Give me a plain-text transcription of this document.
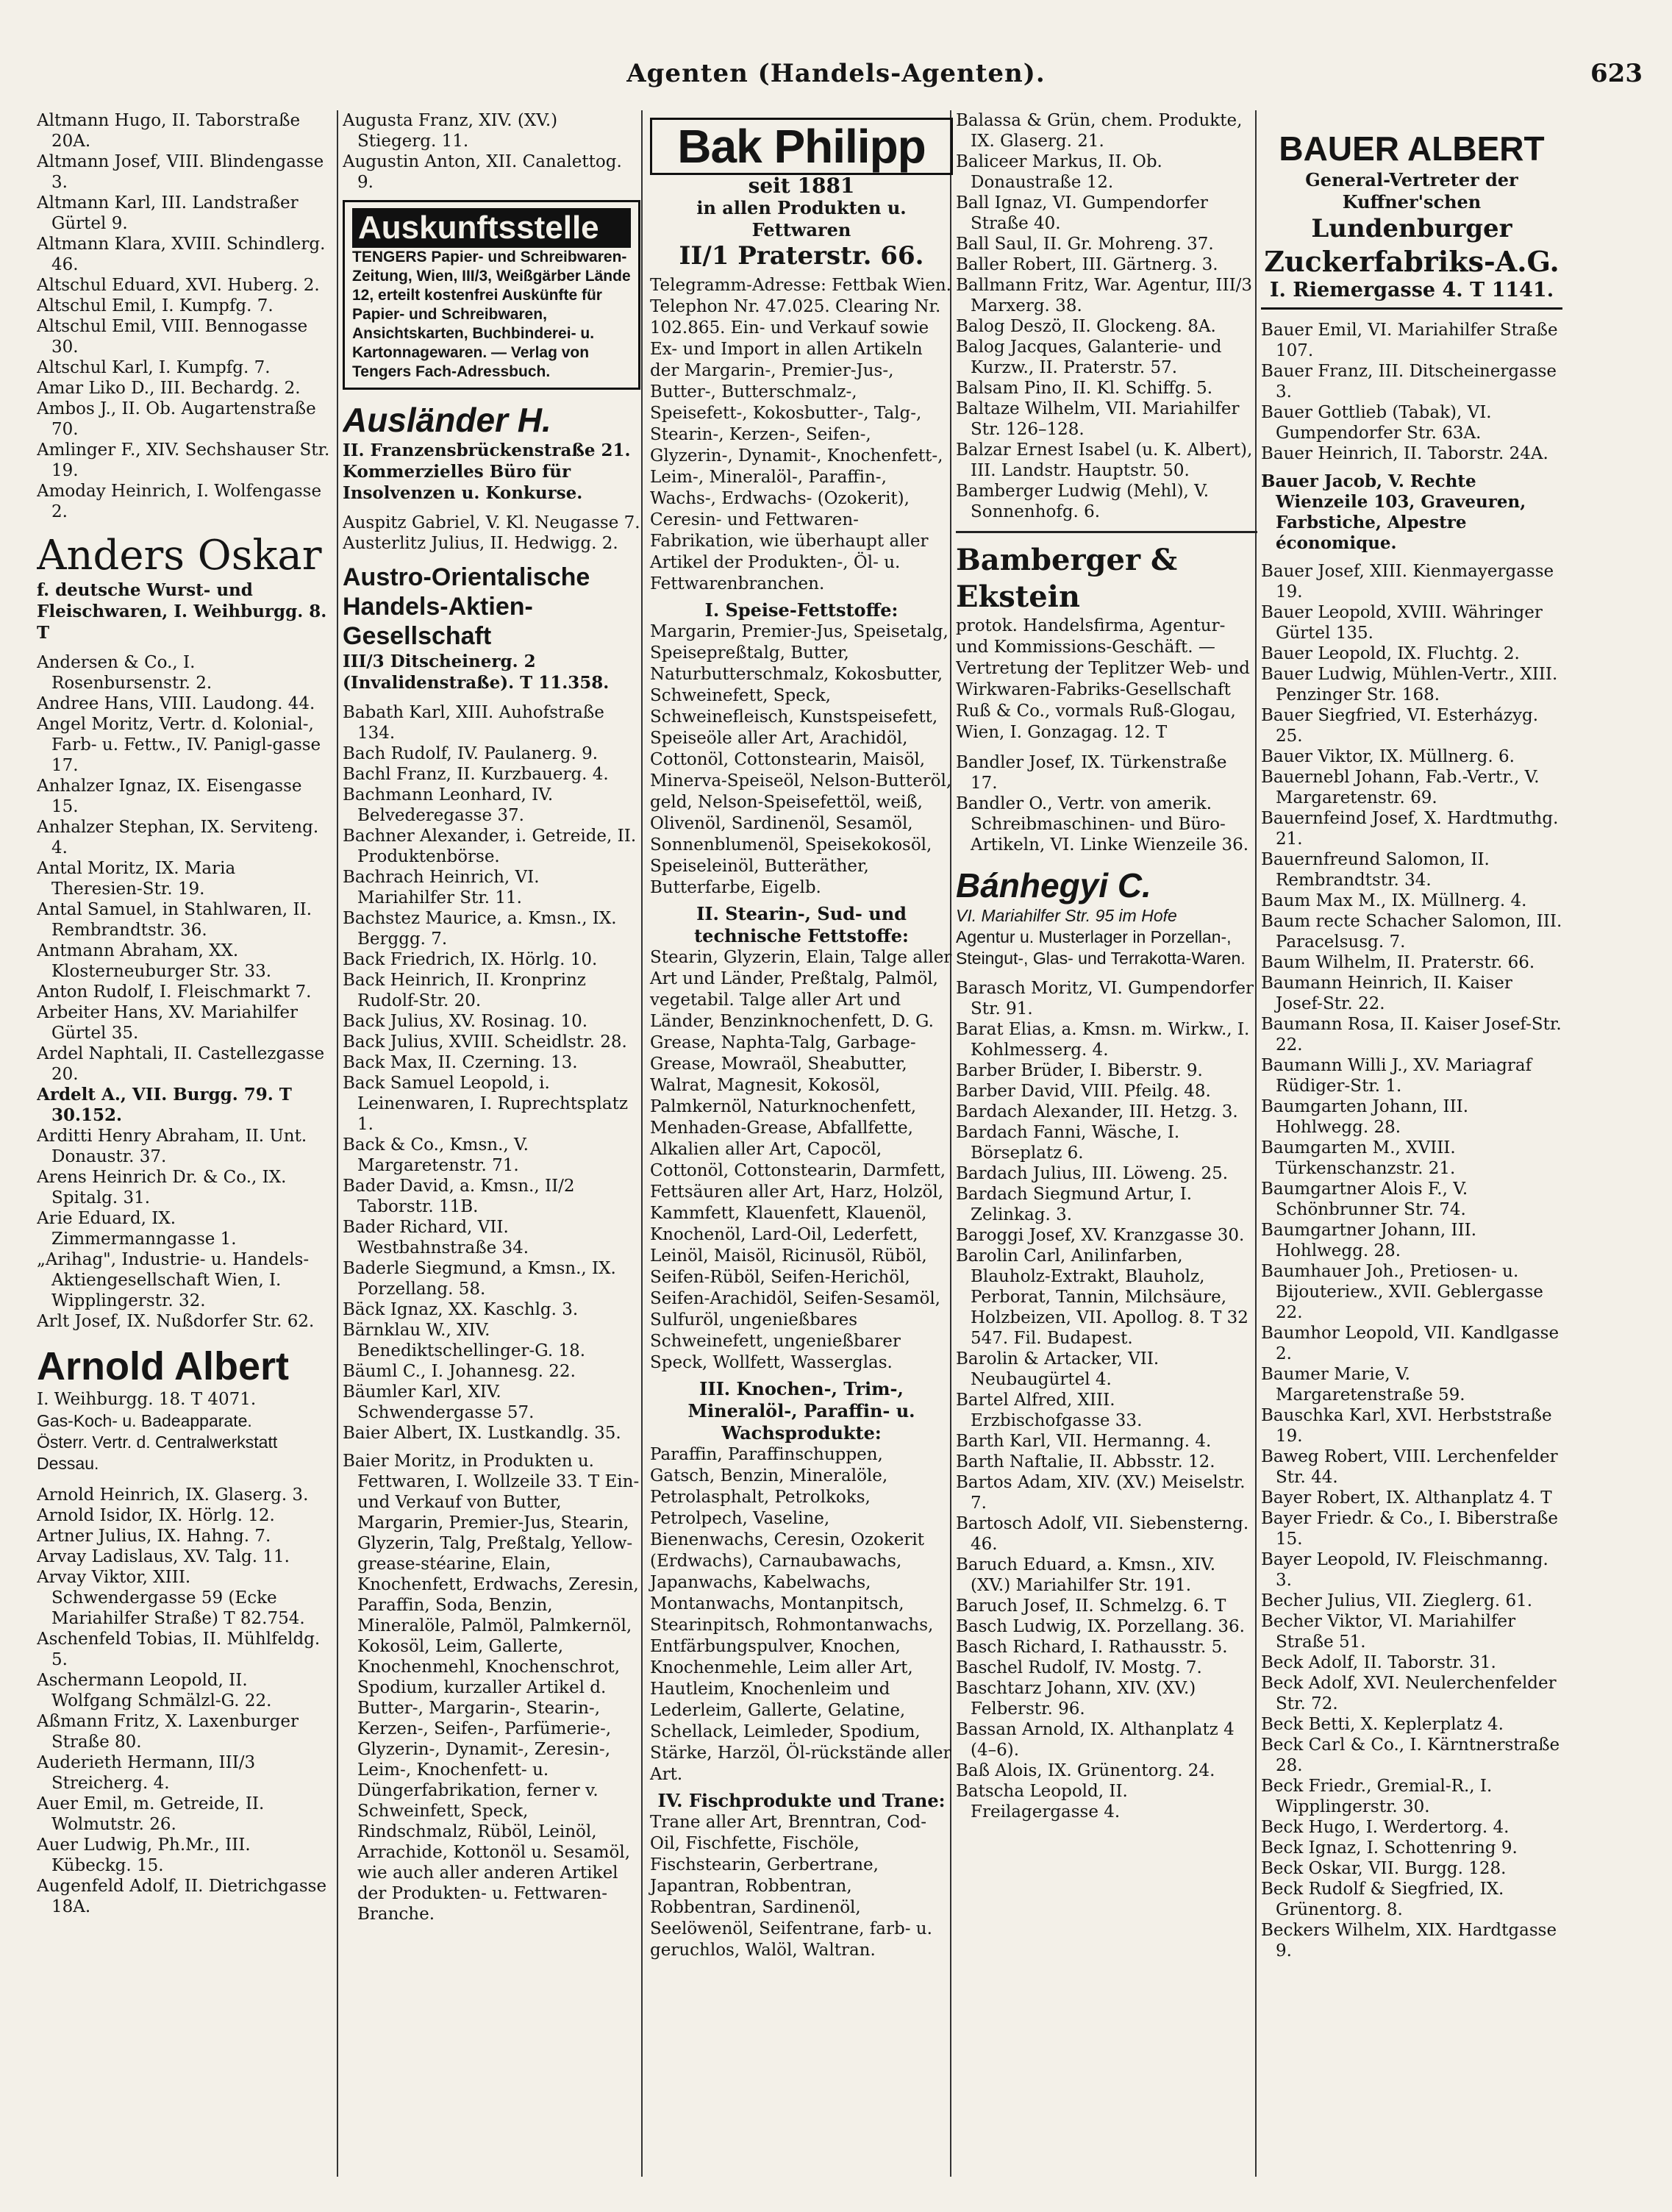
Agenten (Handels-Agenten).	623
Altmann Hugo, II. Taborstraße 20A.
Altmann Josef, VIII. Blindengasse 3.
Altmann Karl, III. Landstraßer Gürtel 9.
Altmann Klara, XVIII. Schindlerg. 46.
Altschul Eduard, XVI. Huberg. 2.
Altschul Emil, I. Kumpfg. 7.
Altschul Emil, VIII. Bennogasse 30.
Altschul Karl, I. Kumpfg. 7.
Amar Liko D., III. Bechardg. 2.
Ambos J., II. Ob. Augartenstraße 70.
Amlinger F., XIV. Sechshauser Str. 19.
Amoday Heinrich, I. Wolfengasse 2.
Anders Oskar
f. deutsche Wurst- und Fleischwaren, I. Weihburgg. 8. T
Andersen & Co., I. Rosenbursenstr. 2.
Andree Hans, VIII. Laudong. 44.
Angel Moritz, Vertr. d. Kolonial-, Farb- u. Fettw., IV. Panigl-gasse 17.
Anhalzer Ignaz, IX. Eisengasse 15.
Anhalzer Stephan, IX. Serviteng. 4.
Antal Moritz, IX. Maria Theresien-Str. 19.
Antal Samuel, in Stahlwaren, II. Rembrandtstr. 36.
Antmann Abraham, XX. Klosterneuburger Str. 33.
Anton Rudolf, I. Fleischmarkt 7.
Arbeiter Hans, XV. Mariahilfer Gürtel 35.
Ardel Naphtali, II. Castellezgasse 20.
Ardelt A., VII. Burgg. 79. T 30.152.
Arditti Henry Abraham, II. Unt. Donaustr. 37.
Arens Heinrich Dr. & Co., IX. Spitalg. 31.
Arie Eduard, IX. Zimmermanngasse 1.
„Arihag", Industrie- u. Handels-Aktiengesellschaft Wien, I. Wipplingerstr. 32.
Arlt Josef, IX. Nußdorfer Str. 62.
Arnold Albert
I. Weihburgg. 18. T 4071.
Gas-Koch- u. Badeapparate.
Österr. Vertr. d. Centralwerkstatt Dessau.
Arnold Heinrich, IX. Glaserg. 3.
Arnold Isidor, IX. Hörlg. 12.
Artner Julius, IX. Hahng. 7.
Arvay Ladislaus, XV. Talg. 11.
Arvay Viktor, XIII. Schwendergasse 59 (Ecke Mariahilfer Straße) T 82.754.
Aschenfeld Tobias, II. Mühlfeldg. 5.
Aschermann Leopold, II. Wolfgang Schmälzl-G. 22.
Aßmann Fritz, X. Laxenburger Straße 80.
Auderieth Hermann, III/3 Streicherg. 4.
Auer Emil, m. Getreide, II. Wolmutstr. 26.
Auer Ludwig, Ph.Mr., III. Kübeckg. 15.
Augenfeld Adolf, II. Dietrichgasse 18A.
Augusta Franz, XIV. (XV.) Stiegerg. 11.
Augustin Anton, XII. Canalettog. 9.
Auskunftsstelle
TENGERS Papier- und Schreibwaren-Zeitung, Wien, III/3, Weißgärber Lände 12, erteilt kostenfrei Auskünfte für Papier- und Schreibwaren, Ansichtskarten, Buchbinderei- u. Kartonnagewaren. — Verlag von Tengers Fach-Adressbuch.
Ausländer H.
II. Franzensbrückenstraße 21. Kommerzielles Büro für Insolvenzen u. Konkurse.
Auspitz Gabriel, V. Kl. Neugasse 7.
Austerlitz Julius, II. Hedwigg. 2.
Austro-Orientalische Handels-Aktien-Gesellschaft
III/3 Ditscheinerg. 2 (Invalidenstraße). T 11.358.
Babath Karl, XIII. Auhofstraße 134.
Bach Rudolf, IV. Paulanerg. 9.
Bachl Franz, II. Kurzbauerg. 4.
Bachmann Leonhard, IV. Belvederegasse 37.
Bachner Alexander, i. Getreide, II. Produktenbörse.
Bachrach Heinrich, VI. Mariahilfer Str. 11.
Bachstez Maurice, a. Kmsn., IX. Berggg. 7.
Back Friedrich, IX. Hörlg. 10.
Back Heinrich, II. Kronprinz Rudolf-Str. 20.
Back Julius, XV. Rosinag. 10.
Back Julius, XVIII. Scheidlstr. 28.
Back Max, II. Czerning. 13.
Back Samuel Leopold, i. Leinenwaren, I. Ruprechtsplatz 1.
Back & Co., Kmsn., V. Margaretenstr. 71.
Bader David, a. Kmsn., II/2 Taborstr. 11B.
Bader Richard, VII. Westbahnstraße 34.
Baderle Siegmund, a Kmsn., IX. Porzellang. 58.
Bäck Ignaz, XX. Kaschlg. 3.
Bärnklau W., XIV. Benediktschellinger-G. 18.
Bäuml C., I. Johannesg. 22.
Bäumler Karl, XIV. Schwendergasse 57.
Baier Albert, IX. Lustkandlg. 35.
Baier Moritz, in Produkten u. Fettwaren, I. Wollzeile 33. T Ein- und Verkauf von Butter, Margarin, Premier-Jus, Stearin, Glyzerin, Talg, Preßtalg, Yellow-grease-stéarine, Elain, Knochenfett, Erdwachs, Zeresin, Paraffin, Soda, Benzin, Mineralöle, Palmöl, Palmkernöl, Kokosöl, Leim, Gallerte, Knochenmehl, Knochenschrot, Spodium, kurzaller Artikel d. Butter-, Margarin-, Stearin-, Kerzen-, Seifen-, Parfümerie-, Glyzerin-, Dynamit-, Zeresin-, Leim-, Knochenfett- u. Düngerfabrikation, ferner v. Schweinfett, Speck, Rindschmalz, Rüböl, Leinöl, Arrachide, Kottonöl u. Sesamöl, wie auch aller anderen Artikel der Produkten- u. Fettwaren-Branche.
Bak Philipp
seit 1881
in allen Produkten u. Fettwaren
II/1 Praterstr. 66.
Telegramm-Adresse: Fettbak Wien. Telephon Nr. 47.025. Clearing Nr. 102.865. Ein- und Verkauf sowie Ex- und Import in allen Artikeln der Margarin-, Premier-Jus-, Butter-, Butterschmalz-, Speisefett-, Kokosbutter-, Talg-, Stearin-, Kerzen-, Seifen-, Glyzerin-, Dynamit-, Knochenfett-, Leim-, Mineralöl-, Paraffin-, Wachs-, Erdwachs- (Ozokerit), Ceresin- und Fettwaren-Fabrikation, wie überhaupt aller Artikel der Produkten-, Öl- u. Fettwarenbranchen.
I. Speise-Fettstoffe:
Margarin, Premier-Jus, Speisetalg, Speisepreßtalg, Butter, Naturbutterschmalz, Kokosbutter, Schweinefett, Speck, Schweinefleisch, Kunstspeisefett, Speiseöle aller Art, Arachidöl, Cottonöl, Cottonstearin, Maisöl, Minerva-Speiseöl, Nelson-Butteröl, geld, Nelson-Speisefettöl, weiß, Olivenöl, Sardinenöl, Sesamöl, Sonnenblumenöl, Speisekokosöl, Speiseleinöl, Butteräther, Butterfarbe, Eigelb.
II. Stearin-, Sud- und technische Fettstoffe:
Stearin, Glyzerin, Elain, Talge aller Art und Länder, Preßtalg, Palmöl, vegetabil. Talge aller Art und Länder, Benzinknochenfett, D. G. Grease, Naphta-Talg, Garbage-Grease, Mowraöl, Sheabutter, Walrat, Magnesit, Kokosöl, Palmkernöl, Naturknochenfett, Menhaden-Grease, Abfallfette, Alkalien aller Art, Capocöl, Cottonöl, Cottonstearin, Darmfett, Fettsäuren aller Art, Harz, Holzöl, Kammfett, Klauenfett, Klauenöl, Knochenöl, Lard-Oil, Lederfett, Leinöl, Maisöl, Ricinusöl, Rüböl, Seifen-Rüböl, Seifen-Herichöl, Seifen-Arachidöl, Seifen-Sesamöl, Sulfuröl, ungenießbares Schweinefett, ungenießbarer Speck, Wollfett, Wasserglas.
III. Knochen-, Trim-, Mineralöl-, Paraffin- u. Wachsprodukte:
Paraffin, Paraffinschuppen, Gatsch, Benzin, Mineralöle, Petrolasphalt, Petrolkoks, Petrolpech, Vaseline, Bienenwachs, Ceresin, Ozokerit (Erdwachs), Carnaubawachs, Japanwachs, Kabelwachs, Montanwachs, Montanpitsch, Stearinpitsch, Rohmontanwachs, Entfärbungspulver, Knochen, Knochenmehle, Leim aller Art, Hautleim, Knochenleim und Lederleim, Gallerte, Gelatine, Schellack, Leimleder, Spodium, Stärke, Harzöl, Öl-rückstände aller Art.
IV. Fischprodukte und Trane:
Trane aller Art, Brenntran, Cod-Oil, Fischfette, Fischöle, Fischstearin, Gerbertrane, Japantran, Robbentran, Robbentran, Sardinenöl, Seelöwenöl, Seifentrane, farb- u. geruchlos, Walöl, Waltran.
Balassa & Grün, chem. Produkte, IX. Glaserg. 21.
Baliceer Markus, II. Ob. Donaustraße 12.
Ball Ignaz, VI. Gumpendorfer Straße 40.
Ball Saul, II. Gr. Mohreng. 37.
Baller Robert, III. Gärtnerg. 3.
Ballmann Fritz, War. Agentur, III/3 Marxerg. 38.
Balog Deszö, II. Glockeng. 8A.
Balog Jacques, Galanterie- und Kurzw., II. Praterstr. 57.
Balsam Pino, II. Kl. Schiffg. 5.
Baltaze Wilhelm, VII. Mariahilfer Str. 126–128.
Balzar Ernest Isabel (u. K. Albert), III. Landstr. Hauptstr. 50.
Bamberger Ludwig (Mehl), V. Sonnenhofg. 6.
Bamberger & Ekstein
protok. Handelsfirma, Agentur- und Kommissions-Geschäft. — Vertretung der Teplitzer Web- und Wirkwaren-Fabriks-Gesellschaft Ruß & Co., vormals Ruß-Glogau, Wien, I. Gonzagag. 12. T
Bandler Josef, IX. Türkenstraße 17.
Bandler O., Vertr. von amerik. Schreibmaschinen- und Büro-Artikeln, VI. Linke Wienzeile 36.
Bánhegyi C.
VI. Mariahilfer Str. 95 im Hofe
Agentur u. Musterlager in Porzellan-, Steingut-, Glas- und Terrakotta-Waren.
Barasch Moritz, VI. Gumpendorfer Str. 91.
Barat Elias, a. Kmsn. m. Wirkw., I. Kohlmesserg. 4.
Barber Brüder, I. Biberstr. 9.
Barber David, VIII. Pfeilg. 48.
Bardach Alexander, III. Hetzg. 3.
Bardach Fanni, Wäsche, I. Börseplatz 6.
Bardach Julius, III. Löweng. 25.
Bardach Siegmund Artur, I. Zelinkag. 3.
Baroggi Josef, XV. Kranzgasse 30.
Barolin Carl, Anilinfarben, Blauholz-Extrakt, Blauholz, Perborat, Tannin, Milchsäure, Holzbeizen, VII. Apollog. 8. T 32 547. Fil. Budapest.
Barolin & Artacker, VII. Neubaugürtel 4.
Bartel Alfred, XIII. Erzbischofgasse 33.
Barth Karl, VII. Hermanng. 4.
Barth Naftalie, II. Abbsstr. 12.
Bartos Adam, XIV. (XV.) Meiselstr. 7.
Bartosch Adolf, VII. Siebensterng. 46.
Baruch Eduard, a. Kmsn., XIV. (XV.) Mariahilfer Str. 191.
Baruch Josef, II. Schmelzg. 6. T
Basch Ludwig, IX. Porzellang. 36.
Basch Richard, I. Rathausstr. 5.
Baschel Rudolf, IV. Mostg. 7.
Baschtarz Johann, XIV. (XV.) Felberstr. 96.
Bassan Arnold, IX. Althanplatz 4 (4–6).
Baß Alois, IX. Grünentorg. 24.
Batscha Leopold, II. Freilagergasse 4.
BAUER ALBERT
General-Vertreter der Kuffner'schen
Lundenburger
Zuckerfabriks-A.G.
I. Riemergasse 4. T 1141.
Bauer Emil, VI. Mariahilfer Straße 107.
Bauer Franz, III. Ditscheinergasse 3.
Bauer Gottlieb (Tabak), VI. Gumpendorfer Str. 63A.
Bauer Heinrich, II. Taborstr. 24A.
Bauer Jacob, V. Rechte Wienzeile 103, Graveuren, Farbstiche, Alpestre économique.
Bauer Josef, XIII. Kienmayergasse 19.
Bauer Leopold, XVIII. Währinger Gürtel 135.
Bauer Leopold, IX. Fluchtg. 2.
Bauer Ludwig, Mühlen-Vertr., XIII. Penzinger Str. 168.
Bauer Siegfried, VI. Esterházyg. 25.
Bauer Viktor, IX. Müllnerg. 6.
Bauernebl Johann, Fab.-Vertr., V. Margaretenstr. 69.
Bauernfeind Josef, X. Hardtmuthg. 21.
Bauernfreund Salomon, II. Rembrandtstr. 34.
Baum Max M., IX. Müllnerg. 4.
Baum recte Schacher Salomon, III. Paracelsusg. 7.
Baum Wilhelm, II. Praterstr. 66.
Baumann Heinrich, II. Kaiser Josef-Str. 22.
Baumann Rosa, II. Kaiser Josef-Str. 22.
Baumann Willi J., XV. Mariagraf Rüdiger-Str. 1.
Baumgarten Johann, III. Hohlwegg. 28.
Baumgarten M., XVIII. Türkenschanzstr. 21.
Baumgartner Alois F., V. Schönbrunner Str. 74.
Baumgartner Johann, III. Hohlwegg. 28.
Baumhauer Joh., Pretiosen- u. Bijouteriew., XVII. Geblergasse 22.
Baumhor Leopold, VII. Kandlgasse 2.
Baumer Marie, V. Margaretenstraße 59.
Bauschka Karl, XVI. Herbststraße 19.
Baweg Robert, VIII. Lerchenfelder Str. 44.
Bayer Robert, IX. Althanplatz 4. T
Bayer Friedr. & Co., I. Biberstraße 15.
Bayer Leopold, IV. Fleischmanng. 3.
Becher Julius, VII. Zieglerg. 61.
Becher Viktor, VI. Mariahilfer Straße 51.
Beck Adolf, II. Taborstr. 31.
Beck Adolf, XVI. Neulerchenfelder Str. 72.
Beck Betti, X. Keplerplatz 4.
Beck Carl & Co., I. Kärntnerstraße 28.
Beck Friedr., Gremial-R., I. Wipplingerstr. 30.
Beck Hugo, I. Werdertorg. 4.
Beck Ignaz, I. Schottenring 9.
Beck Oskar, VII. Burgg. 128.
Beck Rudolf & Siegfried, IX. Grünentorg. 8.
Beckers Wilhelm, XIX. Hardtgasse 9.
